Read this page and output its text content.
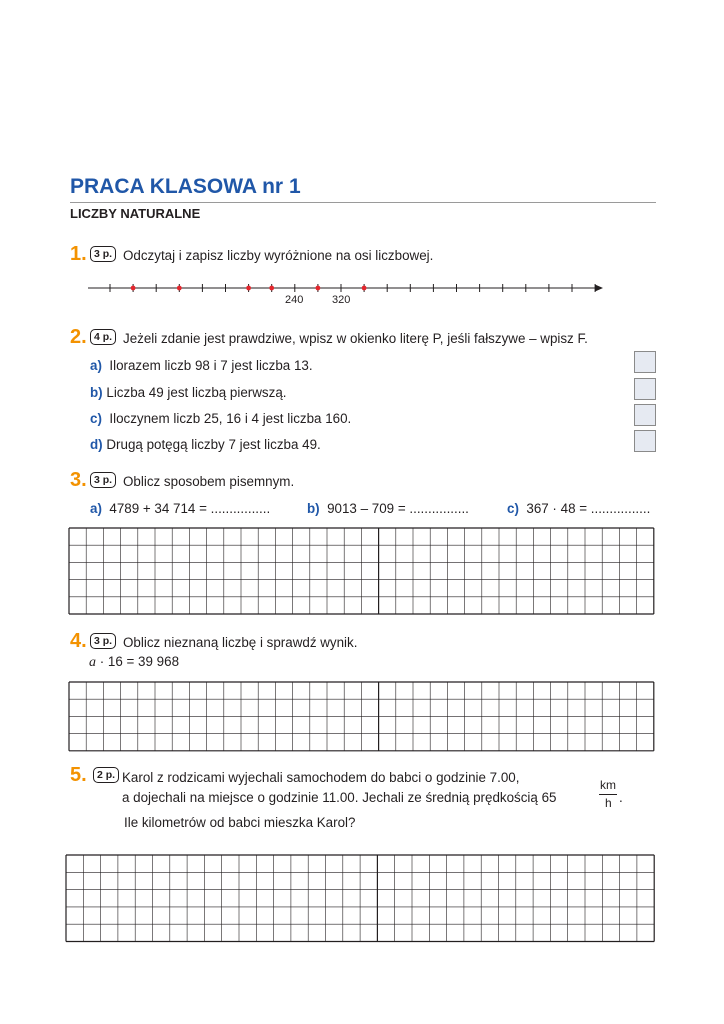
PRACA KLASOWA nr 1
LICZBY NATURALNE
1. 3 p. Odczytaj i zapisz liczby wyróżnione na osi liczbowej.
240	320
2. 4 p. Jeżeli zdanie jest prawdziwe, wpisz w okienko literę P, jeśli fałszywe – wpisz F.
a) Ilorazem liczb 98 i 7 jest liczba 13.
b) Liczba 49 jest liczbą pierwszą.
c) Iloczynem liczb 25, 16 i 4 jest liczba 160.
d) Drugą potęgą liczby 7 jest liczba 49.
3. 3 p. Oblicz sposobem pisemnym.
a) 4789 + 34 714 = ................	b) 9013 – 709 = ................	c) 367 · 48 = ................
4. 3 p. Oblicz nieznaną liczbę i sprawdź wynik.
a · 16 = 39 968
5. 2 p. Karol z rodzicami wyjechali samochodem do babci o godzinie 7.00,
a dojechali na miejsce o godzinie 11.00. Jechali ze średnią prędkością 65
km
h .
Ile kilometrów od babci mieszka Karol?
